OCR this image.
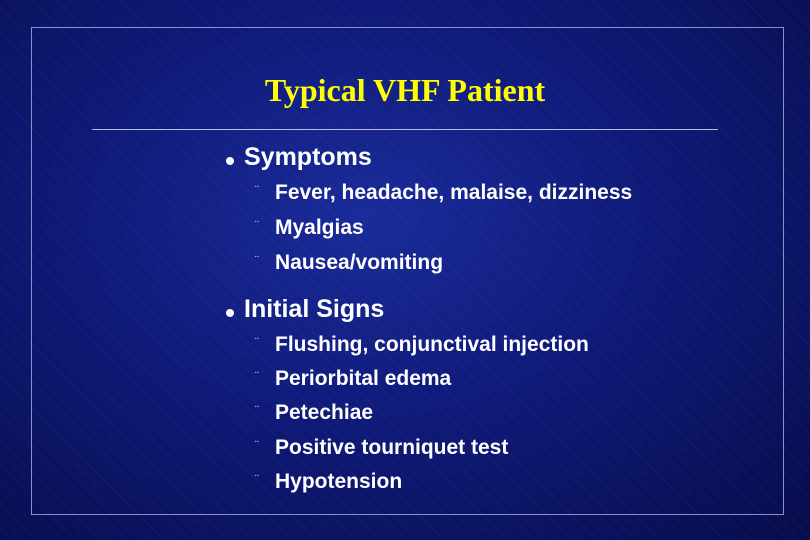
Typical VHF Patient
Symptoms
¨ Fever, headache, malaise, dizziness
¨ Myalgias
¨ Nausea/vomiting
Initial Signs
¨ Flushing, conjunctival injection
¨ Periorbital edema
¨ Petechiae
¨ Positive tourniquet test
¨ Hypotension
